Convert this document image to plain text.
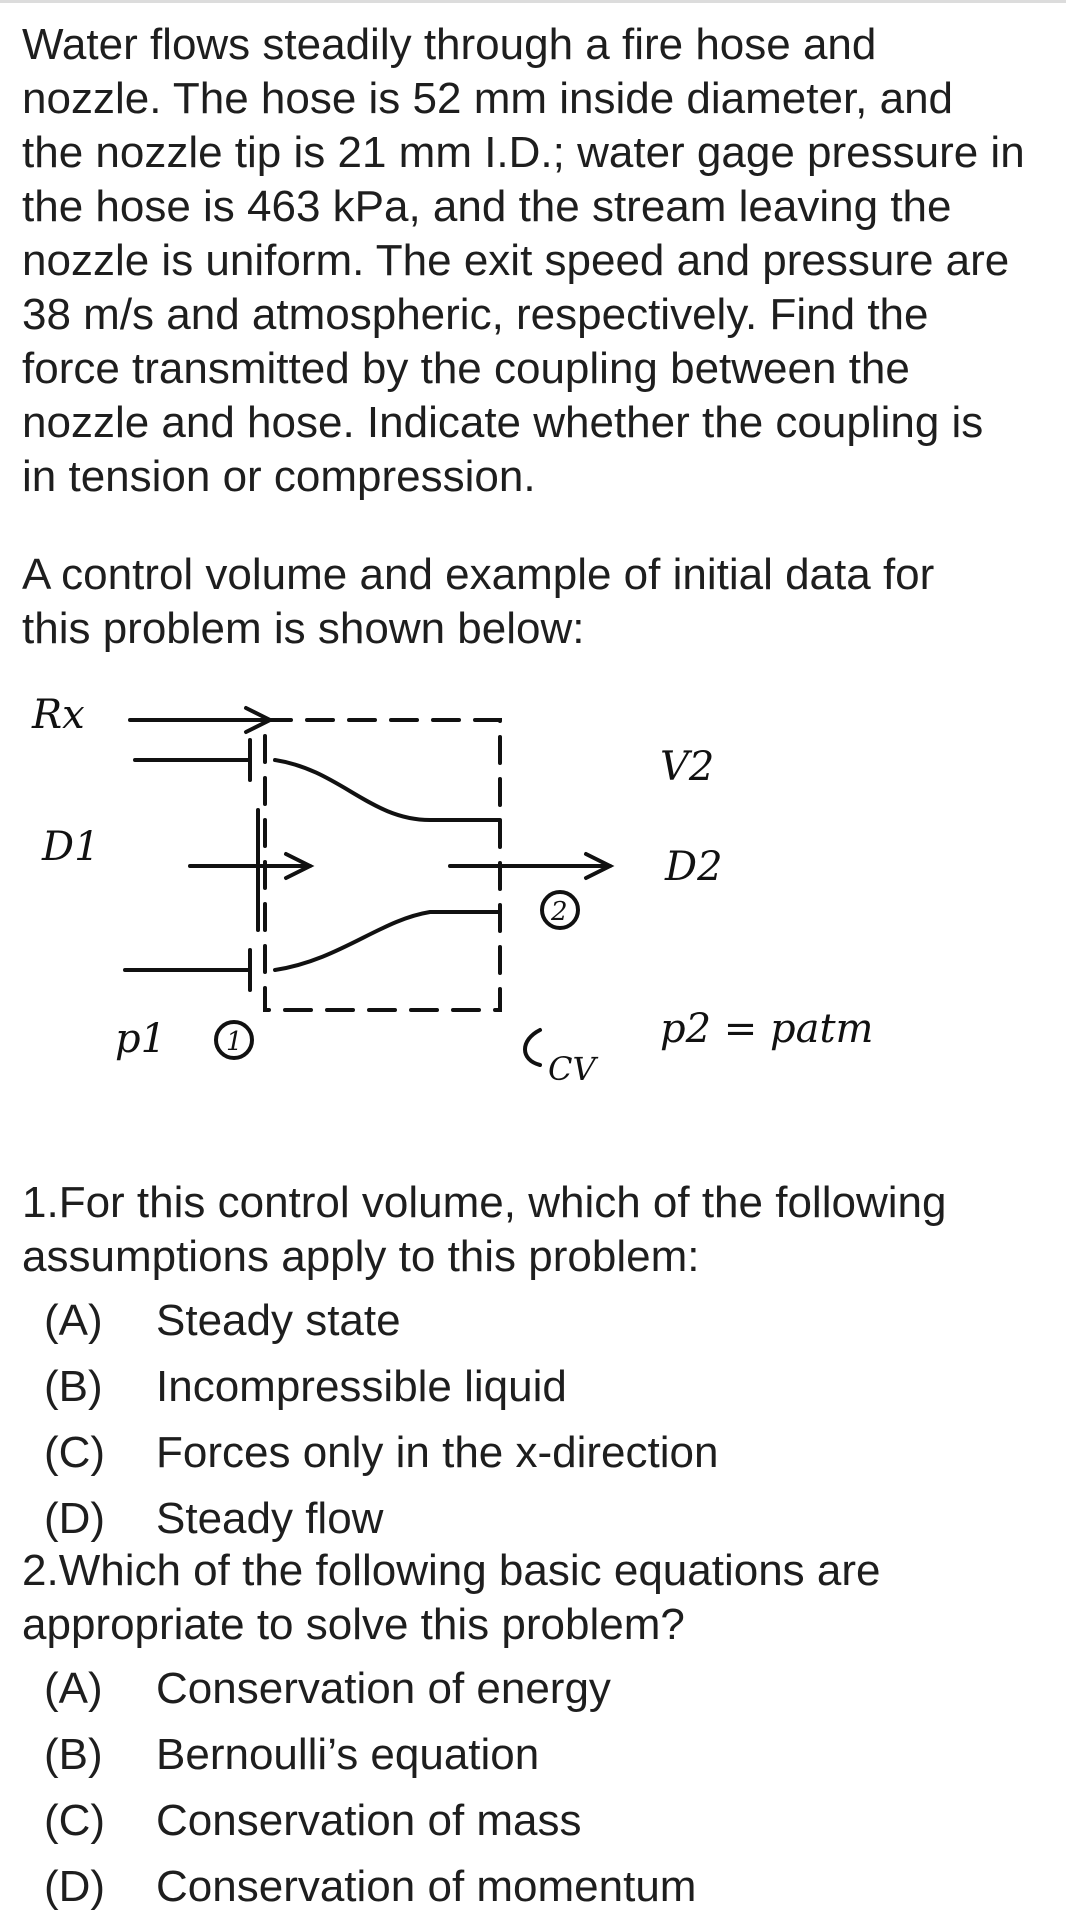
Water flows steadily through a fire hose and
nozzle. The hose is 52 mm inside diameter, and
the nozzle tip is 21 mm I.D.; water gage pressure in
the hose is 463 kPa, and the stream leaving the
nozzle is uniform. The exit speed and pressure are
38 m/s and atmospheric, respectively. Find the
force transmitted by the coupling between the
nozzle and hose. Indicate whether the coupling is
in tension or compression.
A control volume and example of initial data for
this problem is shown below:
Rx
D1
V2
D2
p1 1
2
p2 = patm
CV
1.For this control volume, which of the following
assumptions apply to this problem:
(A) Steady state
(B) Incompressible liquid
(C) Forces only in the x-direction
(D) Steady flow
2.Which of the following basic equations are
appropriate to solve this problem?
(A) Conservation of energy
(B) Bernoulli’s equation
(C) Conservation of mass
(D) Conservation of momentum
